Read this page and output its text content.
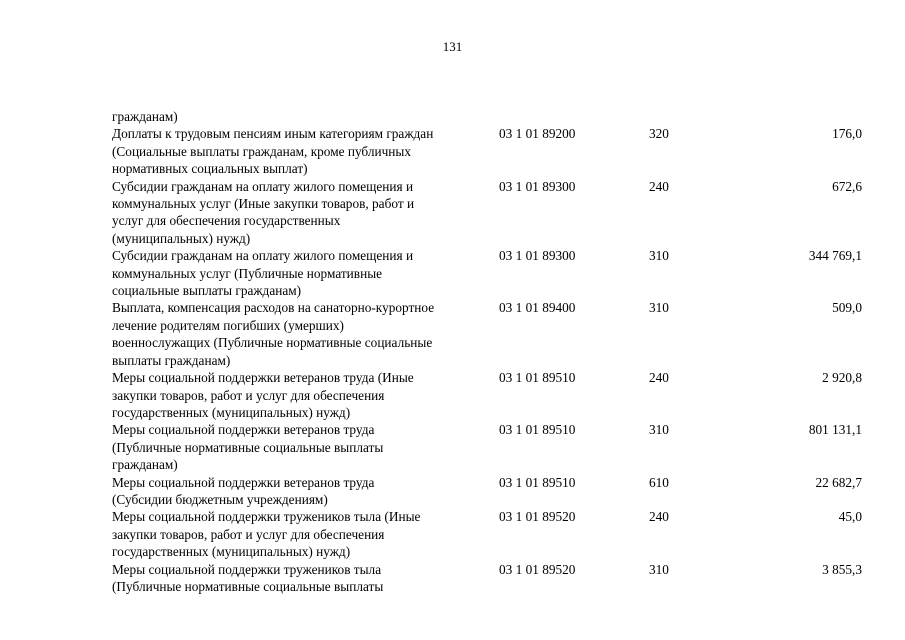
131
гражданам)			

Доплаты к трудовым пенсиям иным категориям граждан
(Социальные выплаты гражданам, кроме публичных
нормативных социальных выплат)	03 1 01 89200	320	176,0

Субсидии гражданам на оплату жилого помещения и
коммунальных услуг (Иные закупки товаров, работ и
услуг для обеспечения государственных
(муниципальных) нужд)	03 1 01 89300	240	672,6

Субсидии гражданам на оплату жилого помещения и
коммунальных услуг (Публичные нормативные
социальные выплаты гражданам)	03 1 01 89300	310	344 769,1

Выплата, компенсация расходов на санаторно-курортное
лечение родителям погибших (умерших)
военнослужащих (Публичные нормативные социальные
выплаты гражданам)	03 1 01 89400	310	509,0

Меры социальной поддержки ветеранов труда (Иные
закупки товаров, работ и услуг для обеспечения
государственных (муниципальных) нужд)	03 1 01 89510	240	2 920,8

Меры социальной поддержки ветеранов труда
(Публичные нормативные социальные выплаты
гражданам)	03 1 01 89510	310	801 131,1

Меры социальной поддержки ветеранов труда
(Субсидии бюджетным учреждениям)	03 1 01 89510	610	22 682,7

Меры социальной поддержки тружеников тыла (Иные
закупки товаров, работ и услуг для обеспечения
государственных (муниципальных) нужд)	03 1 01 89520	240	45,0

Меры социальной поддержки тружеников тыла
(Публичные нормативные социальные выплаты	03 1 01 89520	310	3 855,3
